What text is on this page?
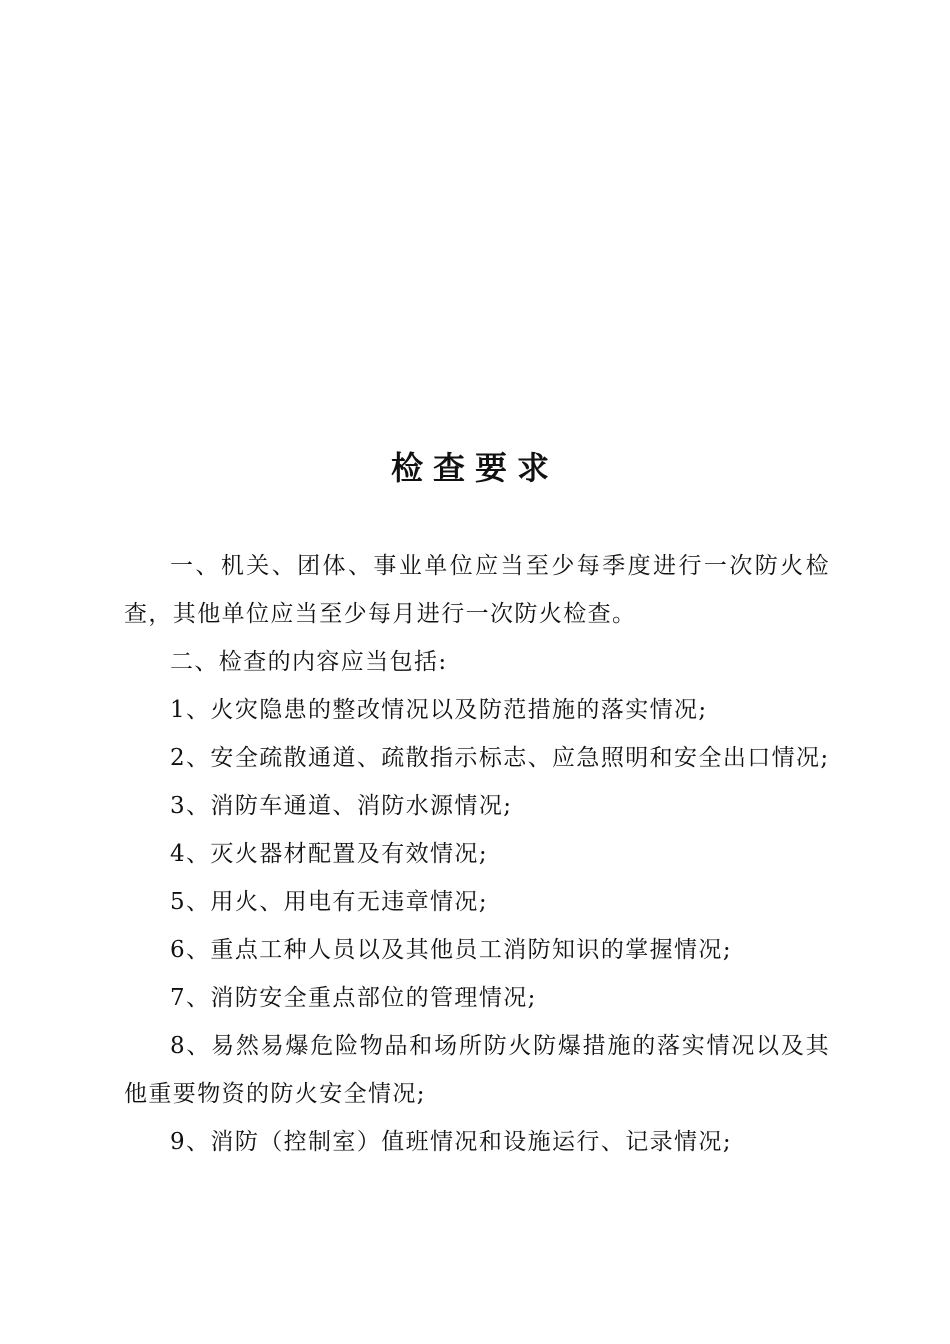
检查要求

一、机关、团体、事业单位应当至少每季度进行一次防火检查，其他单位应当至少每月进行一次防火检查。

二、检查的内容应当包括:

1、火灾隐患的整改情况以及防范措施的落实情况;

2、安全疏散通道、疏散指示标志、应急照明和安全出口情况;

3、消防车通道、消防水源情况;

4、灭火器材配置及有效情况;

5、用火、用电有无违章情况;

6、重点工种人员以及其他员工消防知识的掌握情况;

7、消防安全重点部位的管理情况;

8、易然易爆危险物品和场所防火防爆措施的落实情况以及其他重要物资的防火安全情况;

9、消防（控制室）值班情况和设施运行、记录情况;
